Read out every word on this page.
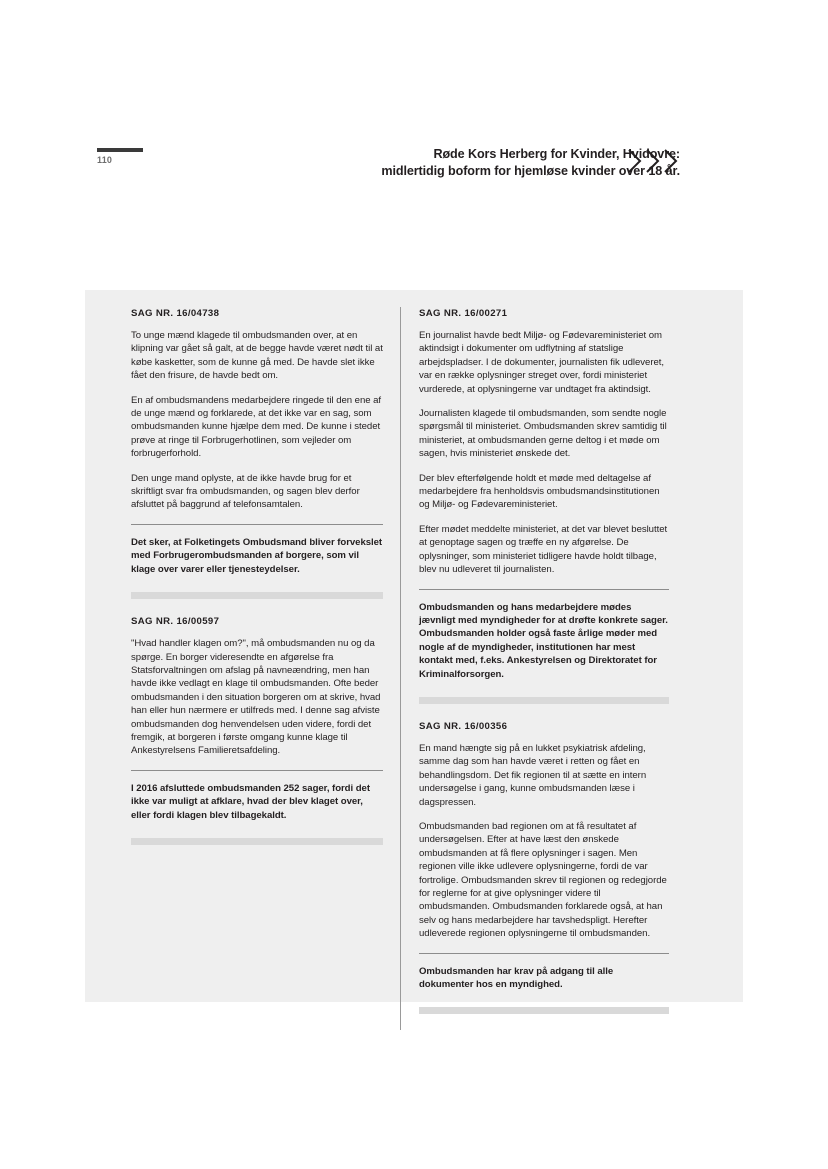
110	Røde Kors Herberg for Kvinder, Hvidovre:
midlertidig boform for hjemløse kvinder over 18 år.
SAG NR. 16/04738

To unge mænd klagede til ombudsmanden over, at en klipning var gået så galt, at de begge havde været nødt til at købe kasketter, som de kunne gå med. De havde slet ikke fået den frisure, de havde bedt om.

En af ombudsmandens medarbejdere ringede til den ene af de unge mænd og forklarede, at det ikke var en sag, som ombudsmanden kunne hjælpe dem med. De kunne i stedet prøve at ringe til Forbrugerhotlinen, som vejleder om forbrugerforhold.

Den unge mand oplyste, at de ikke havde brug for et skriftligt svar fra ombudsmanden, og sagen blev derfor afsluttet på baggrund af telefonsamtalen.

Det sker, at Folketingets Ombudsmand bliver forvekslet med Forbrugerombudsmanden af borgere, som vil klage over varer eller tjenesteydelser.

SAG NR. 16/00597

"Hvad handler klagen om?", må ombudsmanden nu og da spørge. En borger videresendte en afgørelse fra Statsforvaltningen om afslag på navneændring, men han havde ikke vedlagt en klage til ombudsmanden. Ofte beder ombudsmanden i den situation borgeren om at skrive, hvad han eller hun nærmere er utilfreds med. I denne sag afviste ombudsmanden dog henvendelsen uden videre, fordi det fremgik, at borgeren i første omgang kunne klage til Ankestyrelsens Familieretsafdeling.

I 2016 afsluttede ombudsmanden 252 sager, fordi det ikke var muligt at afklare, hvad der blev klaget over, eller fordi klagen blev tilbagekaldt.

SAG NR. 16/00271

En journalist havde bedt Miljø- og Fødevareministeriet om aktindsigt i dokumenter om udflytning af statslige arbejdspladser. I de dokumenter, journalisten fik udleveret, var en række oplysninger streget over, fordi ministeriet vurderede, at oplysningerne var undtaget fra aktindsigt.

Journalisten klagede til ombudsmanden, som sendte nogle spørgsmål til ministeriet. Ombudsmanden skrev samtidig til ministeriet, at ombudsmanden gerne deltog i et møde om sagen, hvis ministeriet ønskede det.

Der blev efterfølgende holdt et møde med deltagelse af medarbejdere fra henholdsvis ombudsmandsinstitutionen og Miljø- og Fødevareministeriet.

Efter mødet meddelte ministeriet, at det var blevet besluttet at genoptage sagen og træffe en ny afgørelse. De oplysninger, som ministeriet tidligere havde holdt tilbage, blev nu udleveret til journalisten.

Ombudsmanden og hans medarbejdere mødes jævnligt med myndigheder for at drøfte konkrete sager. Ombudsmanden holder også faste årlige møder med nogle af de myndigheder, institutionen har mest kontakt med, f.eks. Ankestyrelsen og Direktoratet for Kriminalforsorgen.

SAG NR. 16/00356

En mand hængte sig på en lukket psykiatrisk afdeling, samme dag som han havde været i retten og fået en behandlingsdom. Det fik regionen til at sætte en intern undersøgelse i gang, kunne ombudsmanden læse i dagspressen.

Ombudsmanden bad regionen om at få resultatet af undersøgelsen. Efter at have læst den ønskede ombudsmanden at få flere oplysninger i sagen. Men regionen ville ikke udlevere oplysningerne, fordi de var fortrolige. Ombudsmanden skrev til regionen og redegjorde for reglerne for at give oplysninger videre til ombudsmanden. Ombudsmanden forklarede også, at han selv og hans medarbejdere har tavshedspligt. Herefter udleverede regionen oplysningerne til ombudsmanden.

Ombudsmanden har krav på adgang til alle dokumenter hos en myndighed.
